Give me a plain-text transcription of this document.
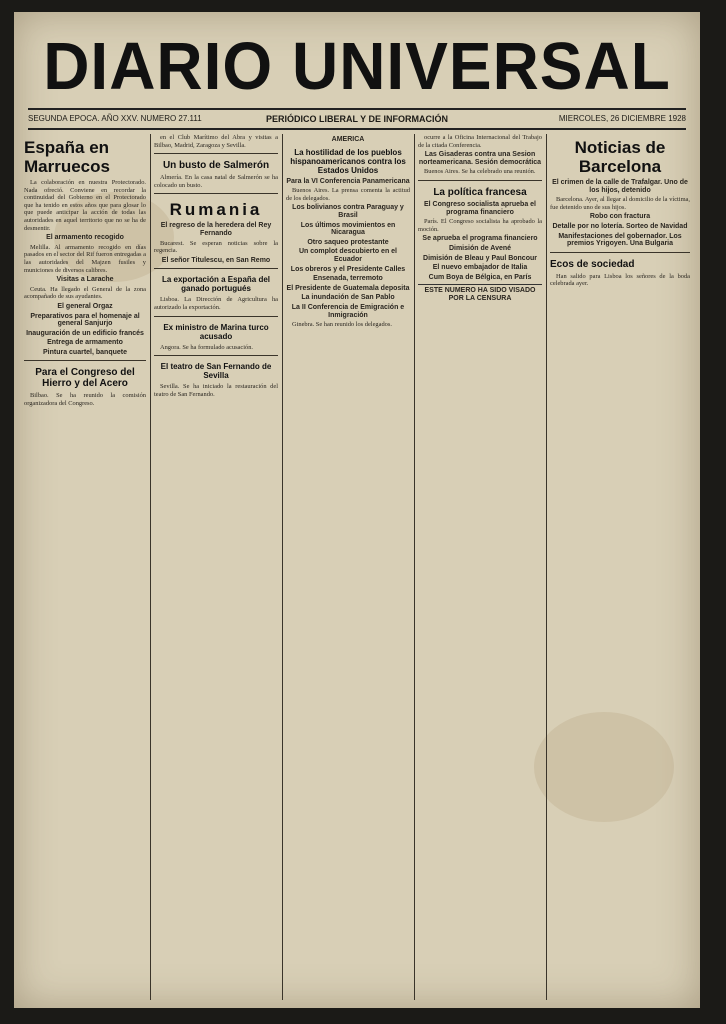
DIARIO UNIVERSAL
SEGUNDA EPOCA. AÑO XXV. NUMERO 27.111	PERIÓDICO LIBERAL Y DE INFORMACIÓN	MIERCOLES, 26 DICIEMBRE 1928
España en Marruecos

La colaboración en nuestra Protectorado. Nada ofreció. Conviene en recordar la continuidad del Gobierno en el Protectorado que ha tenido en estos años que para glosar lo que puede anticipar la acción de todas las autoridades en aquel territorio que no se ha de desmentir.

El armamento recogido

Melilla. Al armamento recogido en días pasados en el sector del Rif fueron entregadas a las autoridades del Majzen fusiles y municiones de diversos calibres.

Visitas a Larache

Ceuta. Ha llegado el General de la zona acompañado de sus ayudantes.

El general Orgaz
Preparativos para el homenaje al general Sanjurjo
Inauguración de un edificio francés
Entrega de armamento
Pintura cuartel, banquete
Para el Congreso del Hierro y del Acero

Bilbao. Se ha reunido la comisión organizadora del Congreso.

en el Club Marítimo del Abra y visitas a Bilbao, Madrid, Zaragoza y Sevilla.

Un busto de Salmerón

Almería. En la casa natal de Salmerón se ha colocado un busto.

Rumania
El regreso de la heredera del Rey Fernando

Bucarest. Se esperan noticias sobre la regencia.

El señor Titulescu, en San Remo
La exportación a España del ganado portugués

Lisboa. La Dirección de Agricultura ha autorizado la exportación.

Ex ministro de Marina turco acusado

Angora. Se ha formulado acusación.

El teatro de San Fernando de Sevilla

Sevilla. Se ha iniciado la restauración del teatro de San Fernando.

AMERICA
La hostilidad de los pueblos hispanoamericanos contra los Estados Unidos
Para la VI Conferencia Panamericana

Buenos Aires. La prensa comenta la actitud de los delegados.

Los bolivianos contra Paraguay y Brasil
Los últimos movimientos en Nicaragua
Otro saqueo protestante
Un complot descubierto en el Ecuador
Los obreros y el Presidente Calles
Ensenada, terremoto
El Presidente de Guatemala deposita
La inundación de San Pablo
La II Conferencia de Emigración e Inmigración

Ginebra. Se han reunido los delegados.

ocurre a la Oficina Internacional del Trabajo de la citada Conferencia.

Las Gisaderas contra una Sesion norteamericana. Sesión democrática

Buenos Aires. Se ha celebrado una reunión.

La política francesa
El Congreso socialista aprueba el programa financiero

París. El Congreso socialista ha aprobado la moción.

Se aprueba el programa financiero
Dimisión de Avené
Dimisión de Bleau y Paul Boncour
El nuevo embajador de Italia
Cum Boya de Bélgica, en París
ESTE NUMERO HA SIDO VISADO POR LA CENSURA
Noticias de Barcelona
El crimen de la calle de Trafalgar. Uno de los hijos, detenido

Barcelona. Ayer, al llegar al domicilio de la víctima, fue detenido uno de sus hijos.

Robo con fractura
Detalle por no lotería. Sorteo de Navidad
Manifestaciones del gobernador. Los premios Yrigoyen. Una Bulgaria
Ecos de sociedad

Han salido para Lisboa los señores de la boda celebrada ayer.
